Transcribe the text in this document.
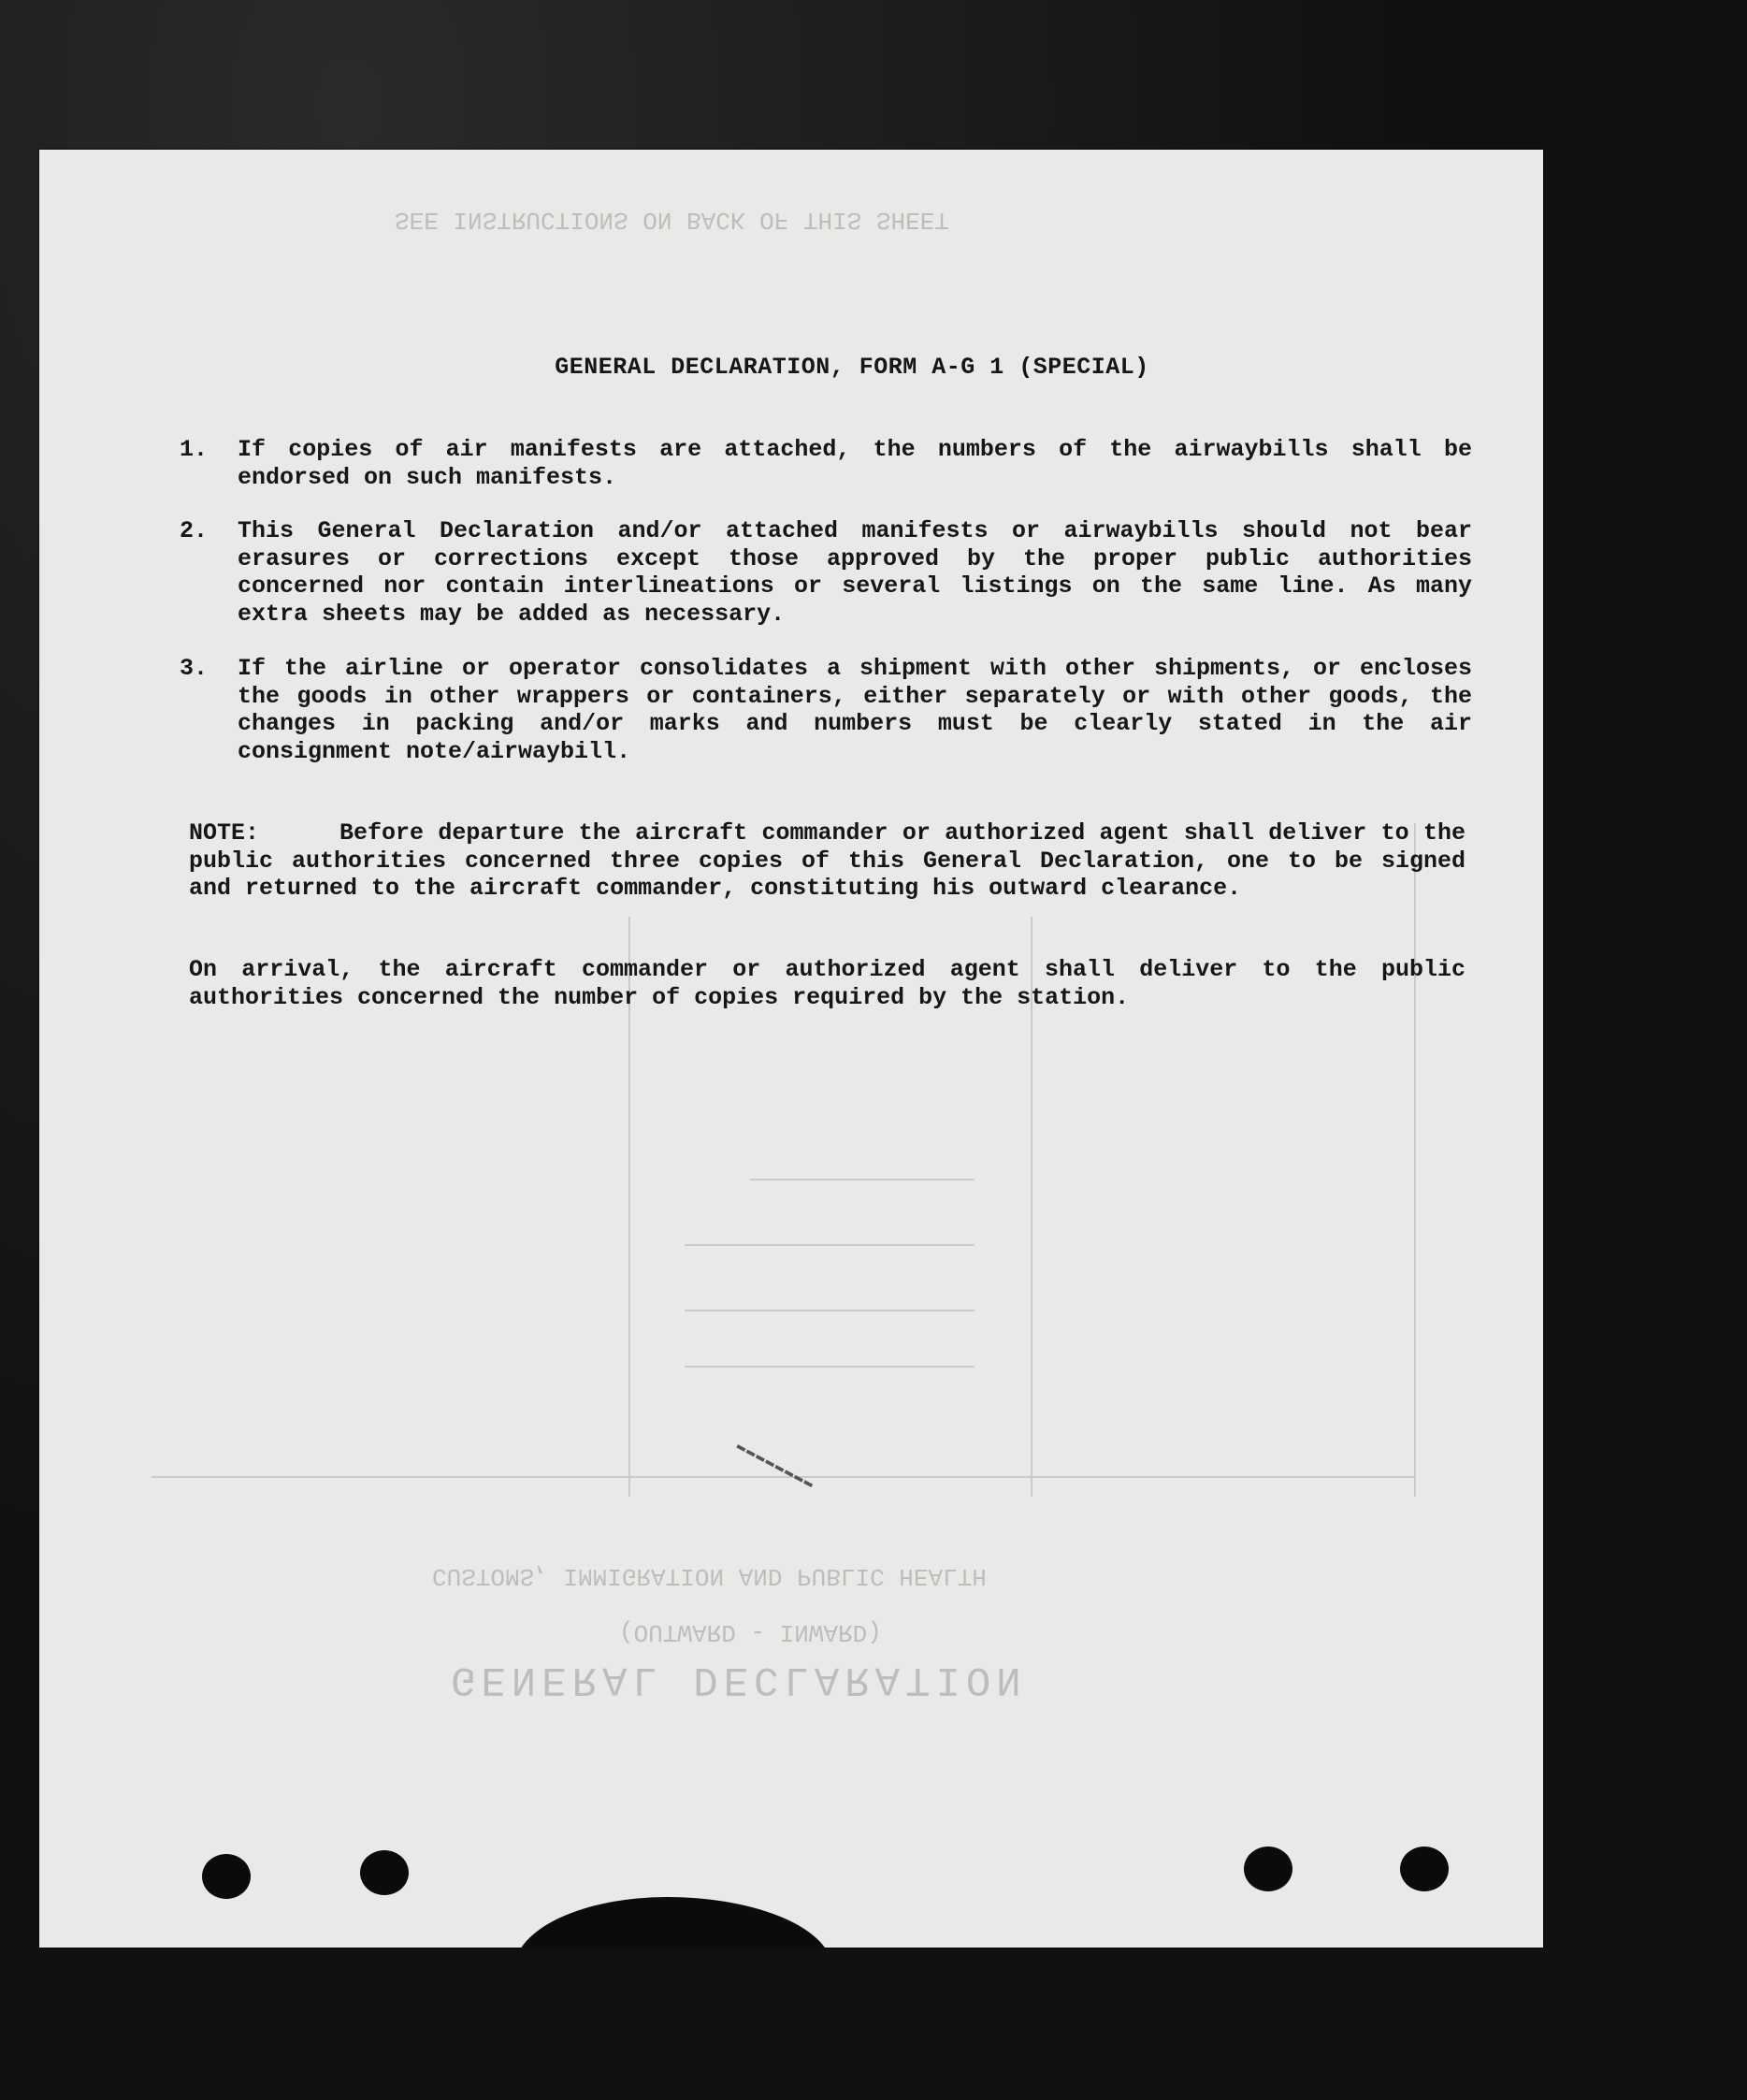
SEE INSTRUCTIONS ON BACK OF THIS SHEET
CUSTOMS, IMMIGRATION AND PUBLIC HEALTH
(OUTWARD - INWARD)
GENERAL DECLARATION
▬▬▬▬▬▬▬▬
GENERAL DECLARATION, FORM A-G 1 (SPECIAL)
1. If copies of air manifests are attached, the numbers of the airwaybills shall be endorsed on such manifests.
2. This General Declaration and/or attached manifests or airwaybills should not bear erasures or corrections except those approved by the proper public authorities concerned nor contain interlineations or several listings on the same line. As many extra sheets may be added as necessary.
3. If the airline or operator consolidates a shipment with other shipments, or encloses the goods in other wrappers or containers, either separately or with other goods, the changes in packing and/or marks and numbers must be clearly stated in the air consignment note/airwaybill.
NOTE:	Before departure the aircraft commander or authorized agent shall deliver to the public authorities concerned three copies of this General Declaration, one to be signed and returned to the aircraft commander, constituting his outward clearance.
On arrival, the aircraft commander or authorized agent shall deliver to the public authorities concerned the number of copies required by the station.
